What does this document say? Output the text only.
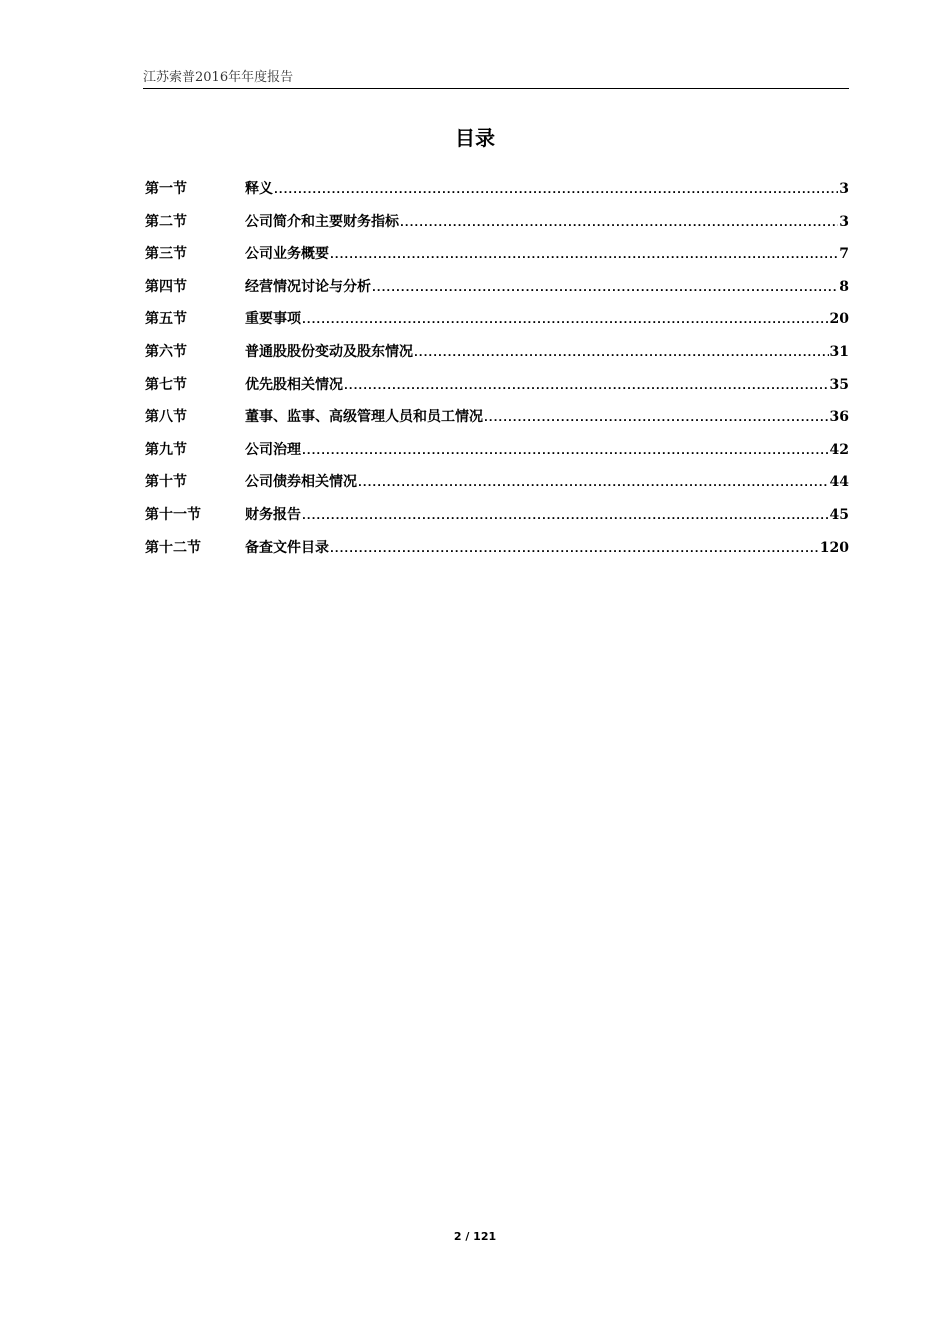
江苏索普2016年年度报告
目录
第一节	释义 .....	3
第二节	公司简介和主要财务指标 .....	3
第三节	公司业务概要 .....	7
第四节	经营情况讨论与分析 .....	8
第五节	重要事项 .....	20
第六节	普通股股份变动及股东情况 .....	31
第七节	优先股相关情况 .....	35
第八节	董事、监事、高级管理人员和员工情况 .....	36
第九节	公司治理 .....	42
第十节	公司债券相关情况 .....	44
第十一节	财务报告 .....	45
第十二节	备查文件目录 .....	120
2 / 121
